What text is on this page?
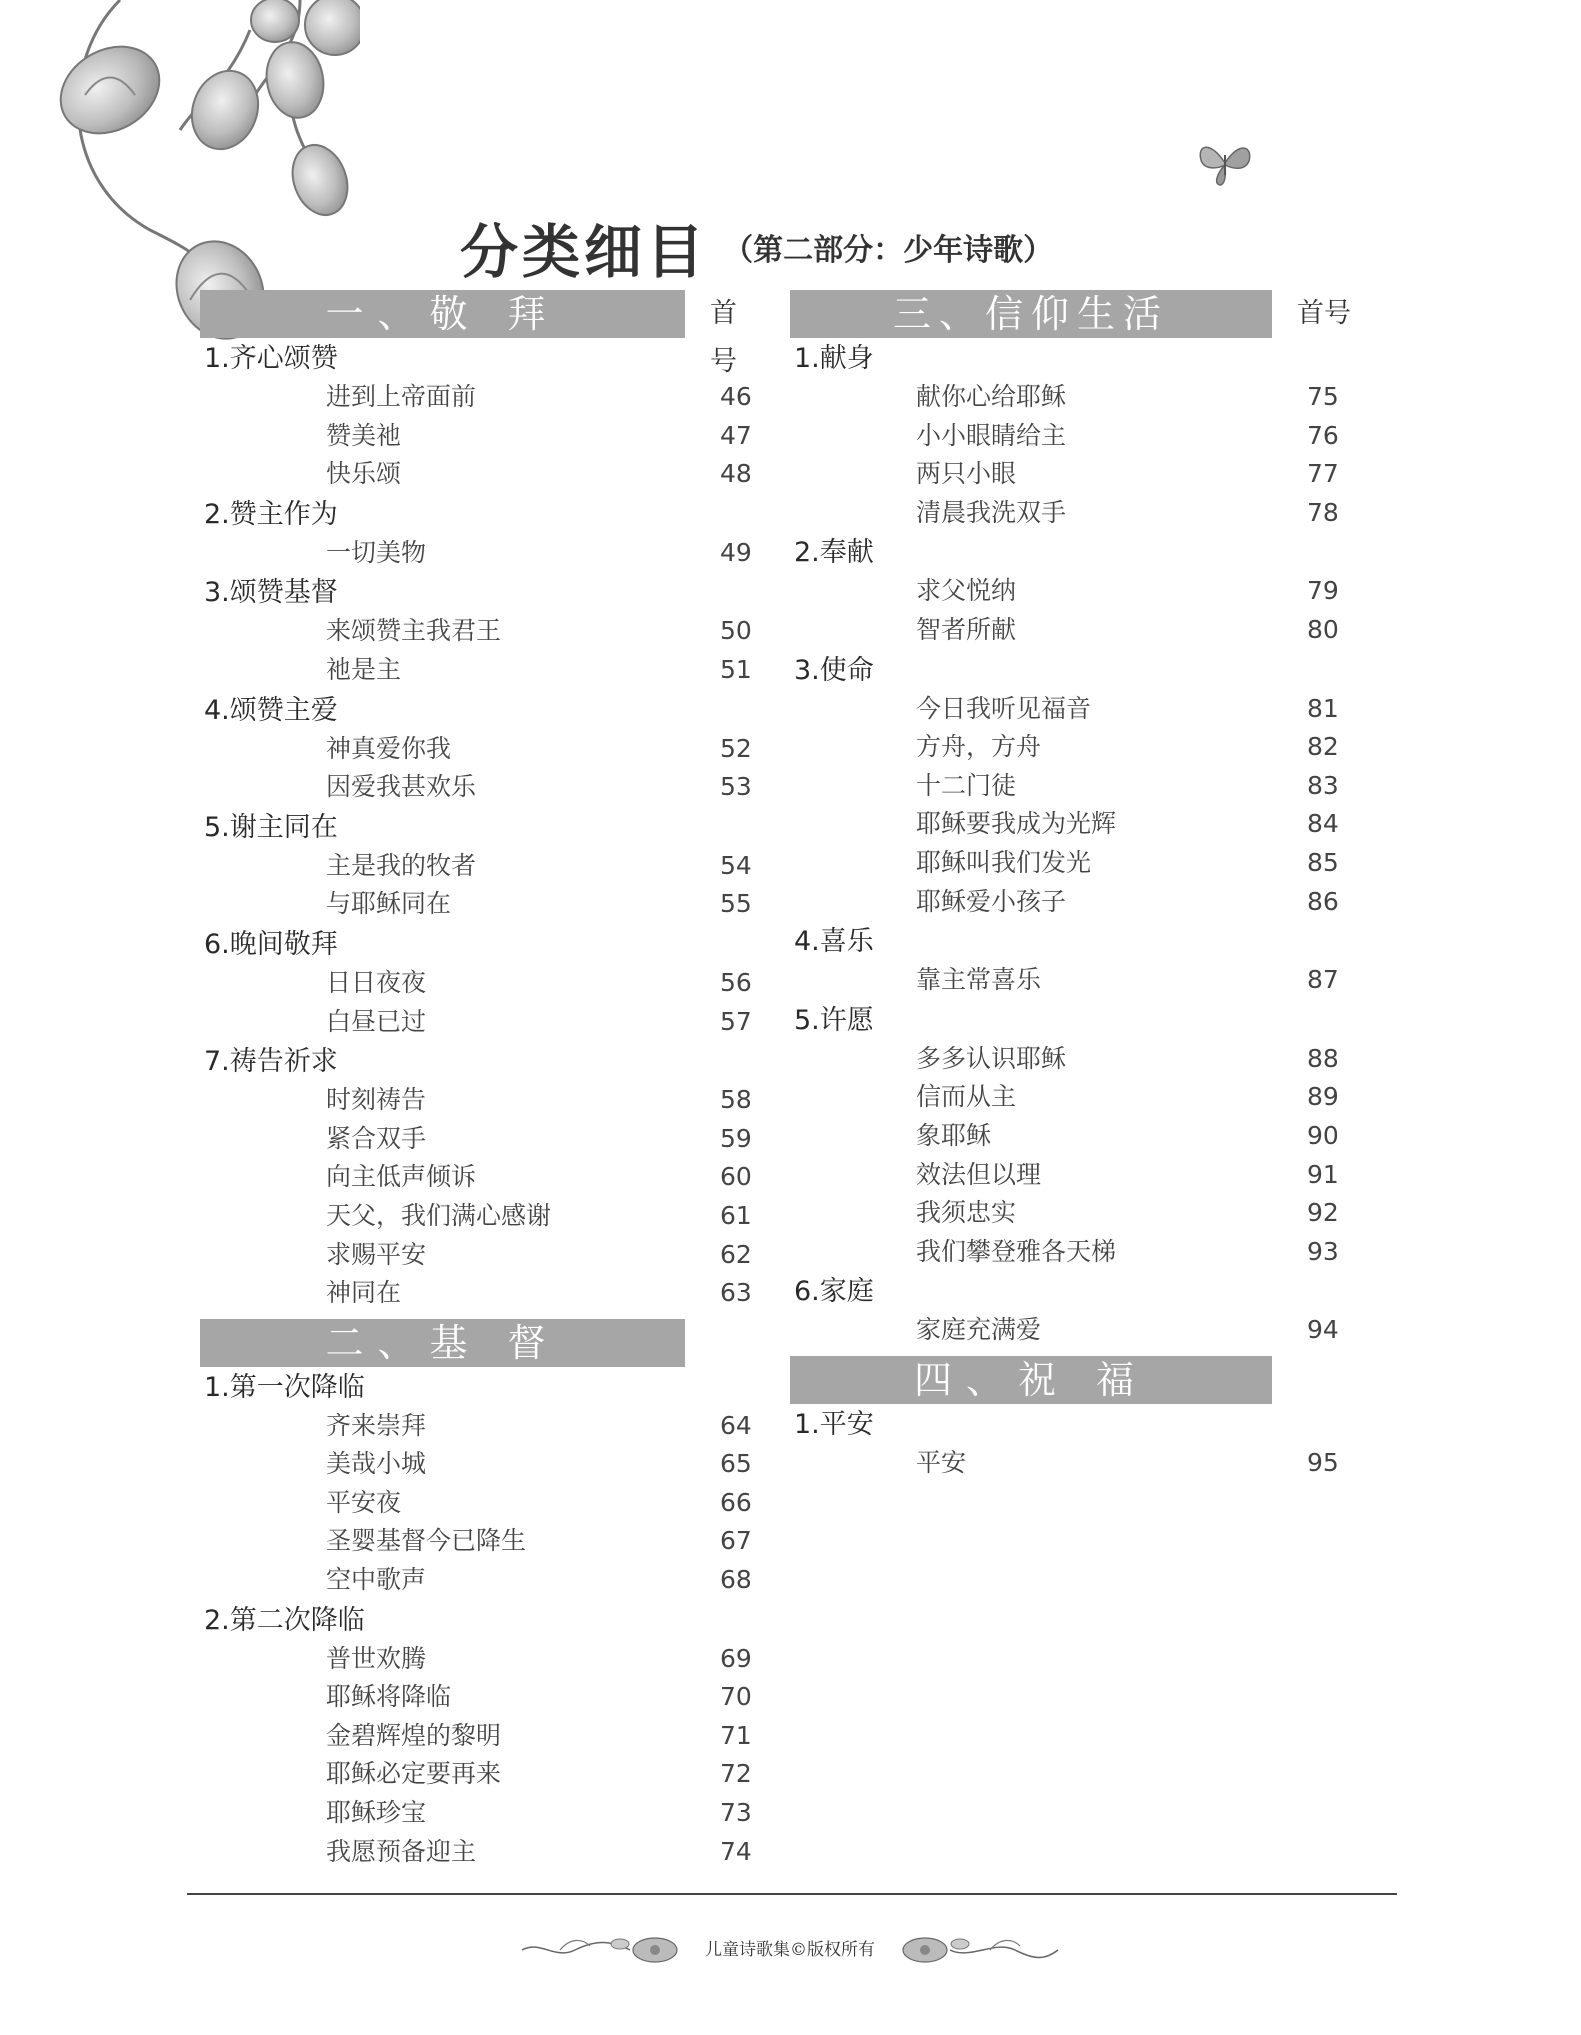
分类细目 （第二部分：少年诗歌）
一、敬 拜	首号
1.齐心颂赞
进到上帝面前	46
赞美祂	47
快乐颂	48
2.赞主作为
一切美物	49
3.颂赞基督
来颂赞主我君王	50
祂是主	51
4.颂赞主爱
神真爱你我	52
因爱我甚欢乐	53
5.谢主同在
主是我的牧者	54
与耶稣同在	55
6.晚间敬拜
日日夜夜	56
白昼已过	57
7.祷告祈求
时刻祷告	58
紧合双手	59
向主低声倾诉	60
天父，我们满心感谢	61
求赐平安	62
神同在	63
二、基 督
1.第一次降临
齐来崇拜	64
美哉小城	65
平安夜	66
圣婴基督今已降生	67
空中歌声	68
2.第二次降临
普世欢腾	69
耶稣将降临	70
金碧辉煌的黎明	71
耶稣必定要再来	72
耶稣珍宝	73
我愿预备迎主	74
三、信仰生活	首号
1.献身
献你心给耶稣	75
小小眼睛给主	76
两只小眼	77
清晨我洗双手	78
2.奉献
求父悦纳	79
智者所献	80
3.使命
今日我听见福音	81
方舟，方舟	82
十二门徒	83
耶稣要我成为光辉	84
耶稣叫我们发光	85
耶稣爱小孩子	86
4.喜乐
靠主常喜乐	87
5.许愿
多多认识耶稣	88
信而从主	89
象耶稣	90
效法但以理	91
我须忠实	92
我们攀登雅各天梯	93
6.家庭
家庭充满爱	94
四、祝 福
1.平安
平安	95
儿童诗歌集©版权所有
